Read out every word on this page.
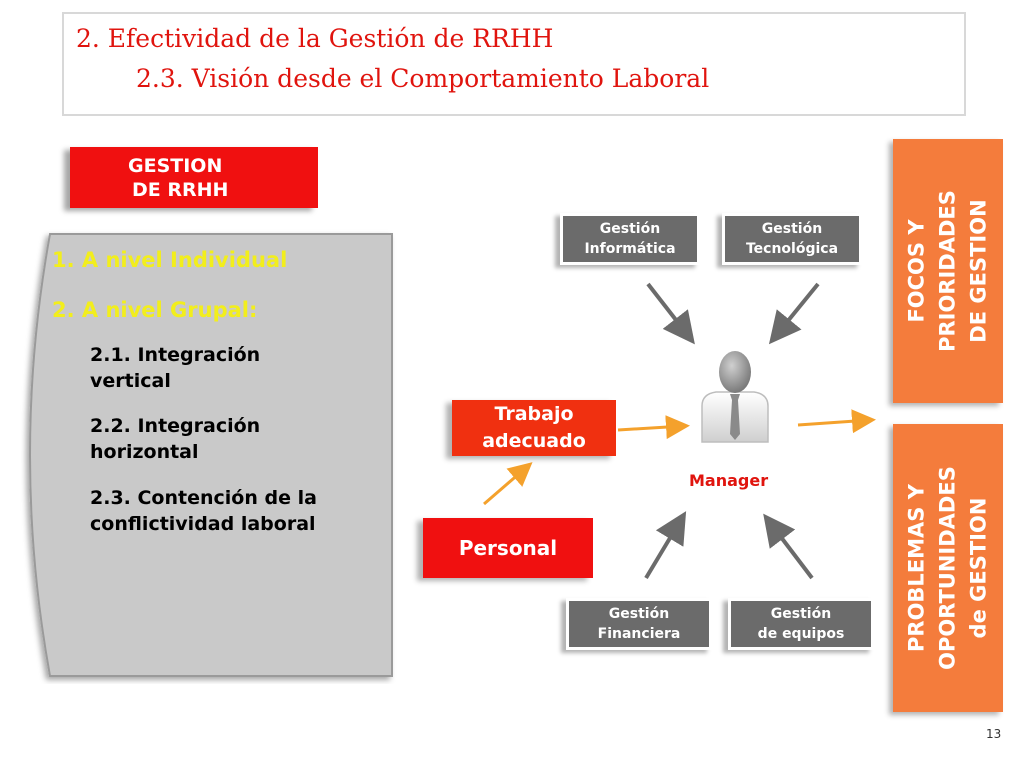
2. Efectividad de la Gestión de RRHH
2.3. Visión desde el Comportamiento Laboral
GESTION
DE RRHH
1. A nivel Individual
2. A nivel Grupal:
2.1. Integración vertical
2.2. Integración horizontal
2.3. Contención de la conflictividad laboral
Manager
Gestión
Informática
Gestión
Tecnológica
Gestión
Financiera
Gestión
de equipos
Trabajo
adecuado
Personal
FOCOS Y PRIORIDADES DE GESTION
PROBLEMAS Y OPORTUNIDADES de GESTION
13
